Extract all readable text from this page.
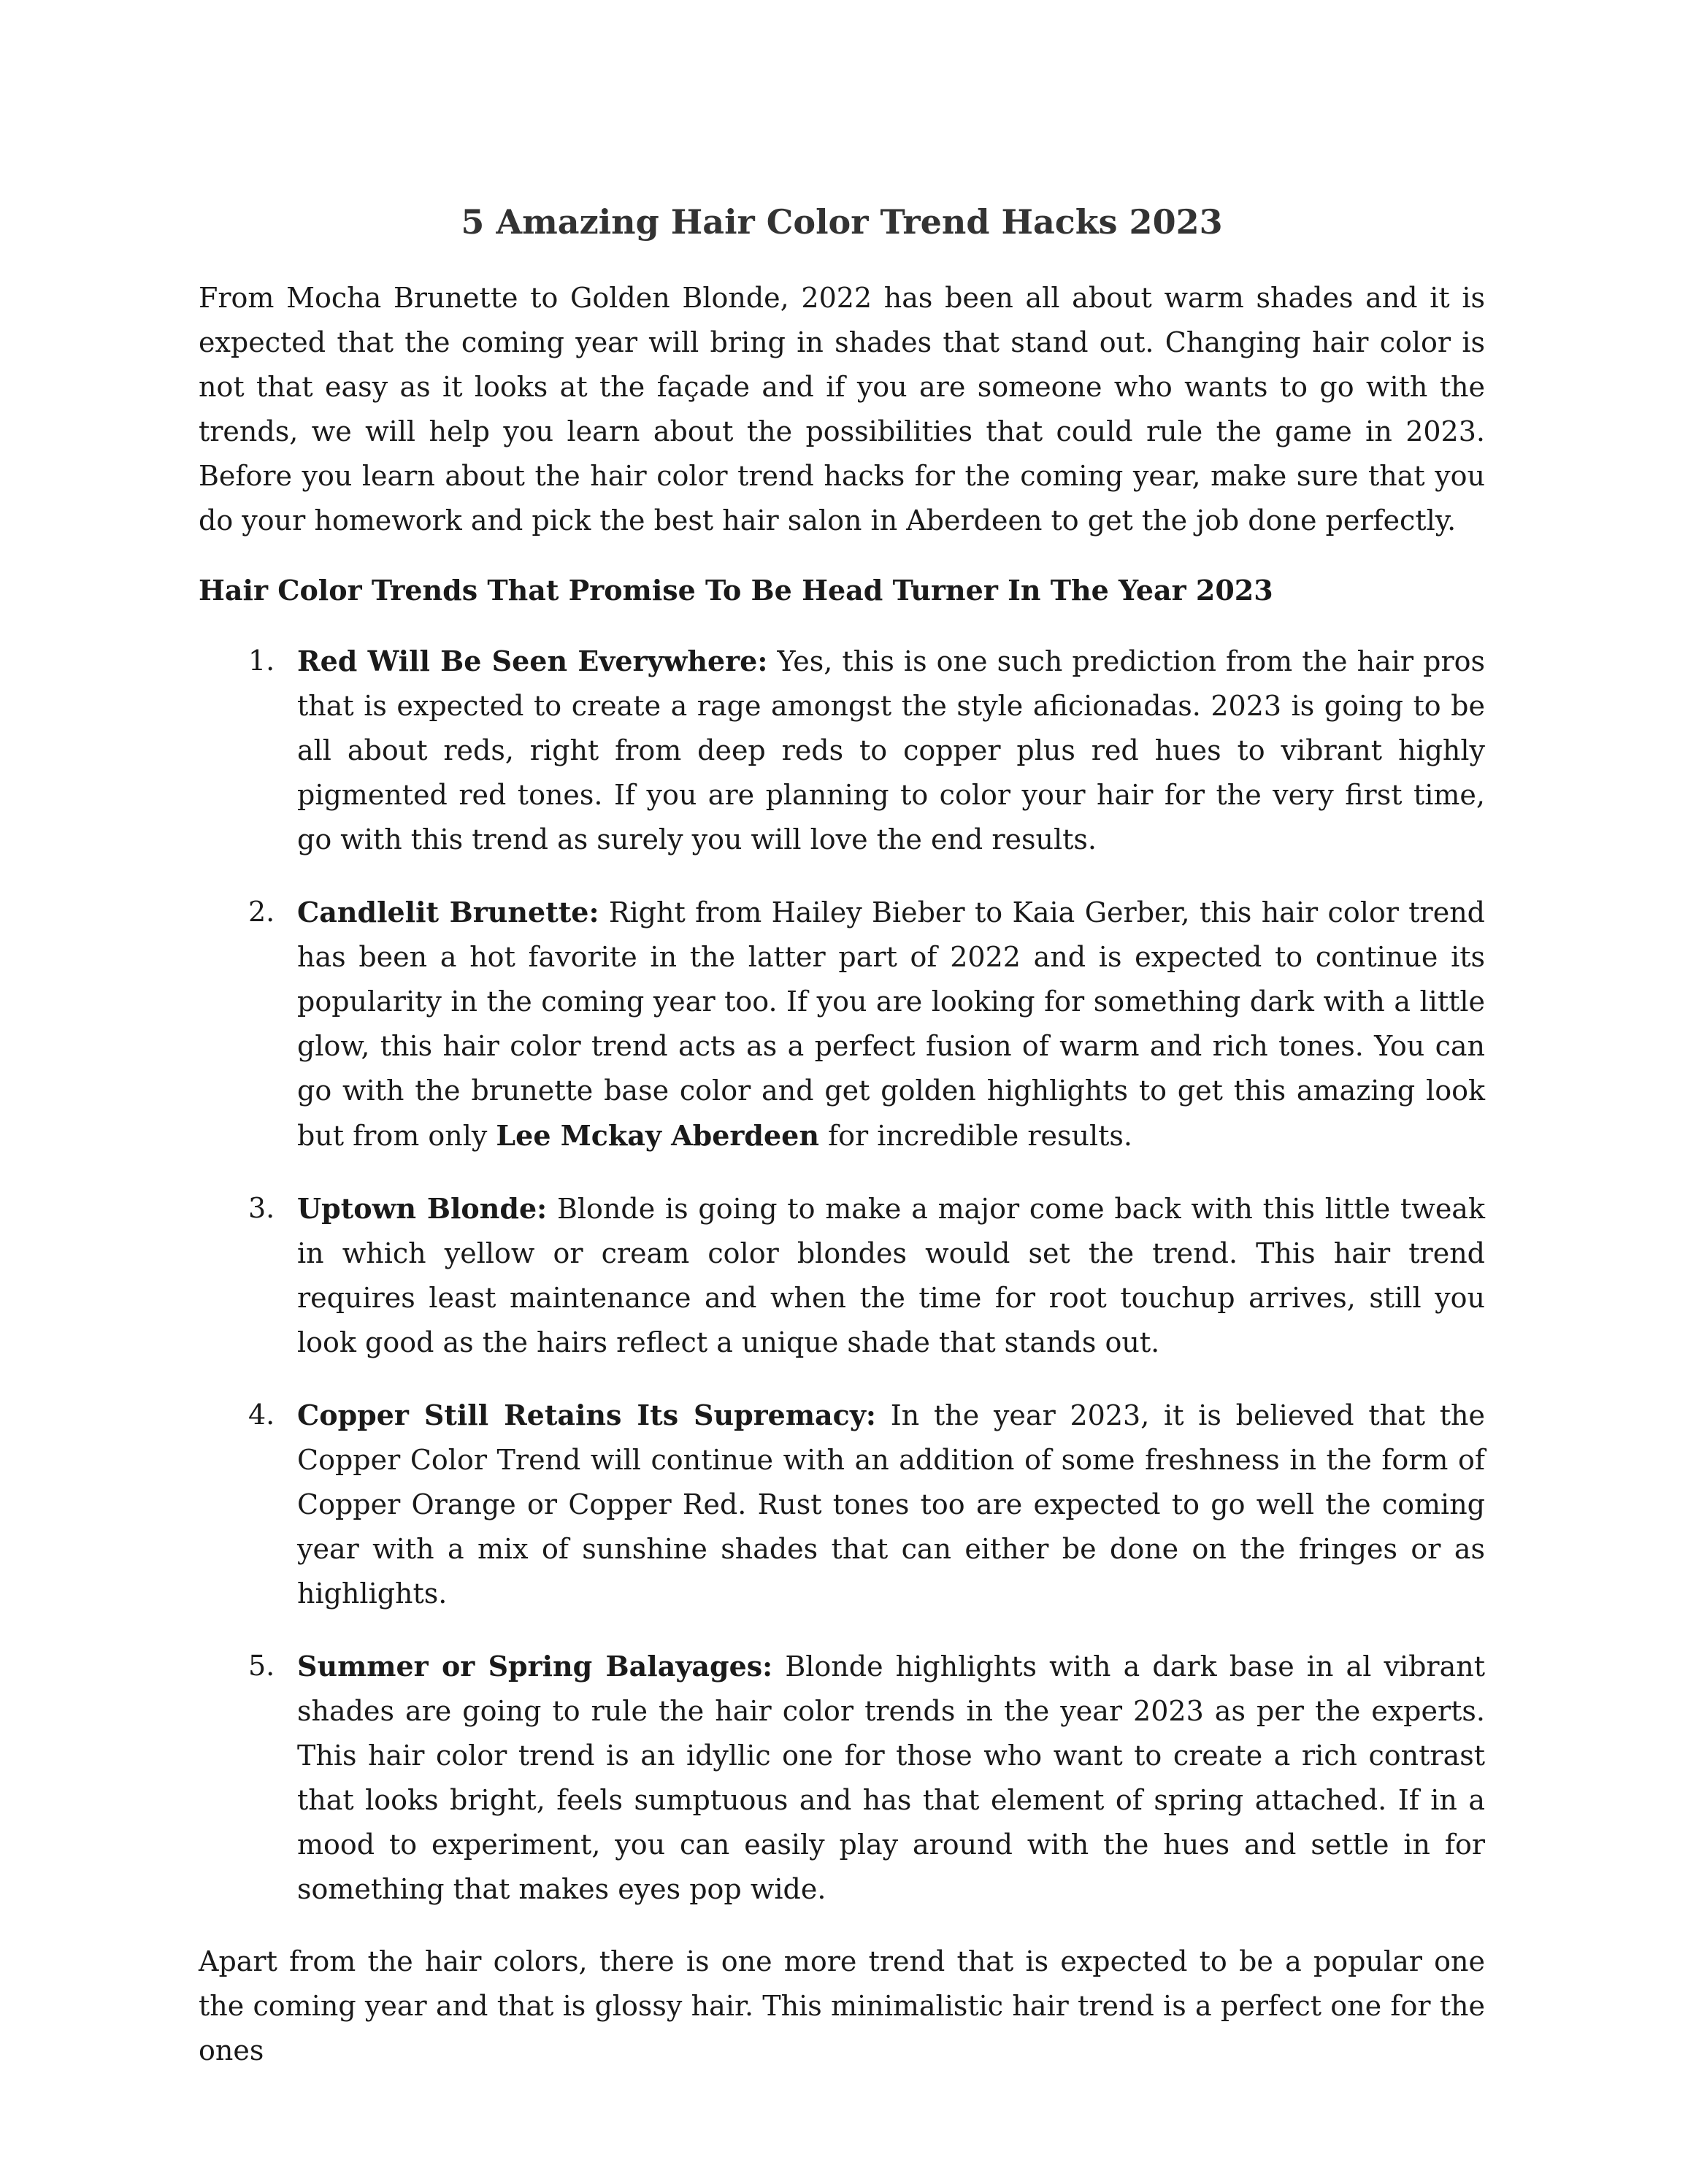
5 Amazing Hair Color Trend Hacks 2023

From Mocha Brunette to Golden Blonde, 2022 has been all about warm shades and it is expected that the coming year will bring in shades that stand out. Changing hair color is not that easy as it looks at the façade and if you are someone who wants to go with the trends, we will help you learn about the possibilities that could rule the game in 2023. Before you learn about the hair color trend hacks for the coming year, make sure that you do your homework and pick the best hair salon in Aberdeen to get the job done perfectly.

Hair Color Trends That Promise To Be Head Turner In The Year 2023
1. Red Will Be Seen Everywhere: Yes, this is one such prediction from the hair pros that is expected to create a rage amongst the style aficionadas. 2023 is going to be all about reds, right from deep reds to copper plus red hues to vibrant highly pigmented red tones. If you are planning to color your hair for the very first time, go with this trend as surely you will love the end results.
2. Candlelit Brunette: Right from Hailey Bieber to Kaia Gerber, this hair color trend has been a hot favorite in the latter part of 2022 and is expected to continue its popularity in the coming year too. If you are looking for something dark with a little glow, this hair color trend acts as a perfect fusion of warm and rich tones. You can go with the brunette base color and get golden highlights to get this amazing look but from only Lee Mckay Aberdeen for incredible results.
3. Uptown Blonde: Blonde is going to make a major come back with this little tweak in which yellow or cream color blondes would set the trend. This hair trend requires least maintenance and when the time for root touchup arrives, still you look good as the hairs reflect a unique shade that stands out.
4. Copper Still Retains Its Supremacy: In the year 2023, it is believed that the Copper Color Trend will continue with an addition of some freshness in the form of Copper Orange or Copper Red. Rust tones too are expected to go well the coming year with a mix of sunshine shades that can either be done on the fringes or as highlights.
5. Summer or Spring Balayages: Blonde highlights with a dark base in al vibrant shades are going to rule the hair color trends in the year 2023 as per the experts. This hair color trend is an idyllic one for those who want to create a rich contrast that looks bright, feels sumptuous and has that element of spring attached. If in a mood to experiment, you can easily play around with the hues and settle in for something that makes eyes pop wide.

Apart from the hair colors, there is one more trend that is expected to be a popular one the coming year and that is glossy hair. This minimalistic hair trend is a perfect one for the ones
